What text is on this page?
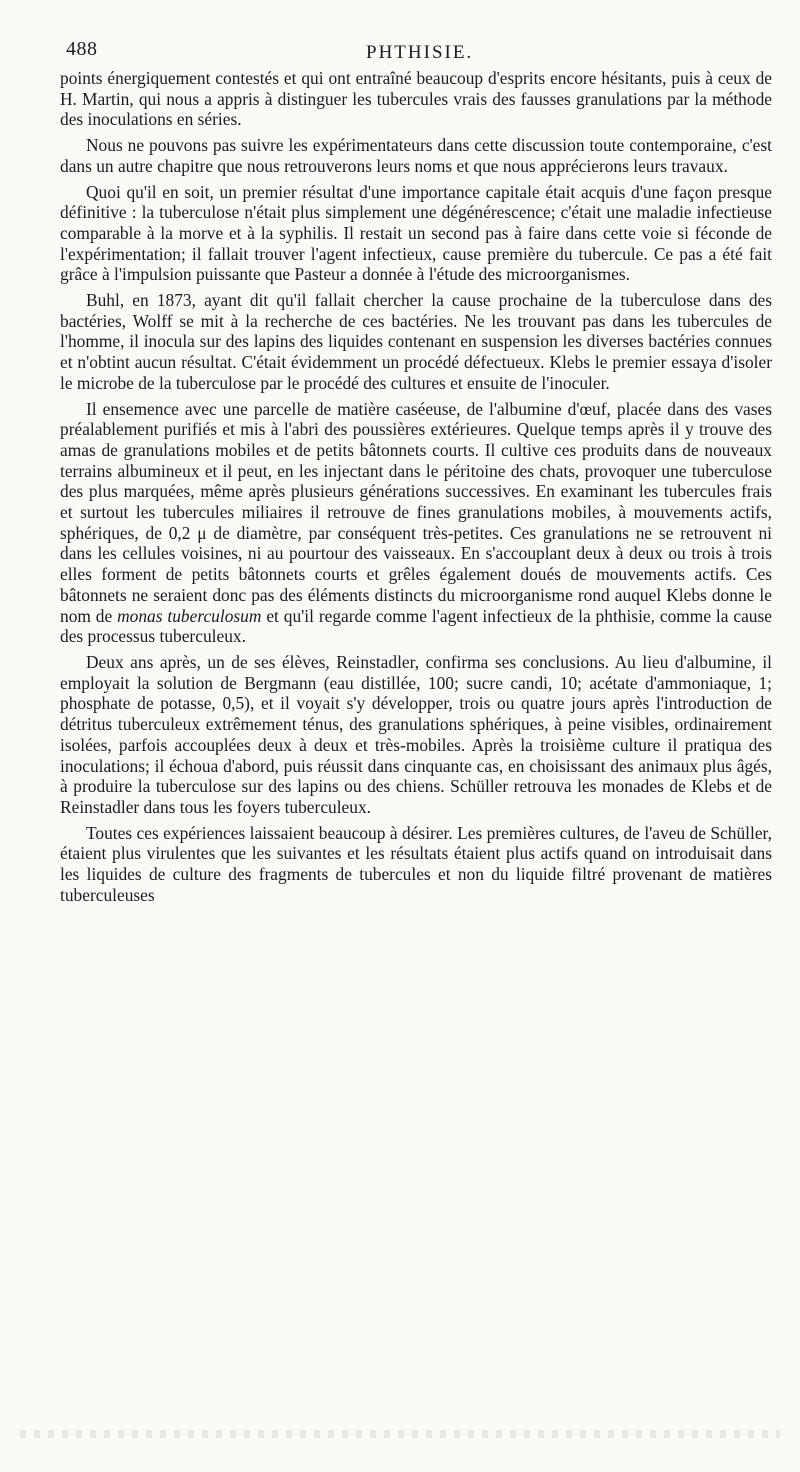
488	PHTHISIE.

points énergiquement contestés et qui ont entraîné beaucoup d'esprits encore hésitants, puis à ceux de H. Martin, qui nous a appris à distinguer les tubercules vrais des fausses granulations par la méthode des inoculations en séries.

Nous ne pouvons pas suivre les expérimentateurs dans cette discussion toute contemporaine, c'est dans un autre chapitre que nous retrouverons leurs noms et que nous apprécierons leurs travaux.

Quoi qu'il en soit, un premier résultat d'une importance capitale était acquis d'une façon presque définitive : la tuberculose n'était plus simplement une dégénérescence; c'était une maladie infectieuse comparable à la morve et à la syphilis. Il restait un second pas à faire dans cette voie si féconde de l'expérimentation; il fallait trouver l'agent infectieux, cause première du tubercule. Ce pas a été fait grâce à l'impulsion puissante que Pasteur a donnée à l'étude des microorganismes.

Buhl, en 1873, ayant dit qu'il fallait chercher la cause prochaine de la tuberculose dans des bactéries, Wolff se mit à la recherche de ces bactéries. Ne les trouvant pas dans les tubercules de l'homme, il inocula sur des lapins des liquides contenant en suspension les diverses bactéries connues et n'obtint aucun résultat. C'était évidemment un procédé défectueux. Klebs le premier essaya d'isoler le microbe de la tuberculose par le procédé des cultures et ensuite de l'inoculer.

Il ensemence avec une parcelle de matière caséeuse, de l'albumine d'œuf, placée dans des vases préalablement purifiés et mis à l'abri des poussières extérieures. Quelque temps après il y trouve des amas de granulations mobiles et de petits bâtonnets courts. Il cultive ces produits dans de nouveaux terrains albumineux et il peut, en les injectant dans le péritoine des chats, provoquer une tuberculose des plus marquées, même après plusieurs générations successives. En examinant les tubercules frais et surtout les tubercules miliaires il retrouve de fines granulations mobiles, à mouvements actifs, sphériques, de 0,2 μ de diamètre, par conséquent très-petites. Ces granulations ne se retrouvent ni dans les cellules voisines, ni au pourtour des vaisseaux. En s'accouplant deux à deux ou trois à trois elles forment de petits bâtonnets courts et grêles également doués de mouvements actifs. Ces bâtonnets ne seraient donc pas des éléments distincts du microorganisme rond auquel Klebs donne le nom de monas tuberculosum et qu'il regarde comme l'agent infectieux de la phthisie, comme la cause des processus tuberculeux.

Deux ans après, un de ses élèves, Reinstadler, confirma ses conclusions. Au lieu d'albumine, il employait la solution de Bergmann (eau distillée, 100; sucre candi, 10; acétate d'ammoniaque, 1; phosphate de potasse, 0,5), et il voyait s'y développer, trois ou quatre jours après l'introduction de détritus tuberculeux extrêmement ténus, des granulations sphériques, à peine visibles, ordinairement isolées, parfois accouplées deux à deux et très-mobiles. Après la troisième culture il pratiqua des inoculations; il échoua d'abord, puis réussit dans cinquante cas, en choisissant des animaux plus âgés, à produire la tuberculose sur des lapins ou des chiens. Schüller retrouva les monades de Klebs et de Reinstadler dans tous les foyers tuberculeux.

Toutes ces expériences laissaient beaucoup à désirer. Les premières cultures, de l'aveu de Schüller, étaient plus virulentes que les suivantes et les résultats étaient plus actifs quand on introduisait dans les liquides de culture des fragments de tubercules et non du liquide filtré provenant de matières tuberculeuses
